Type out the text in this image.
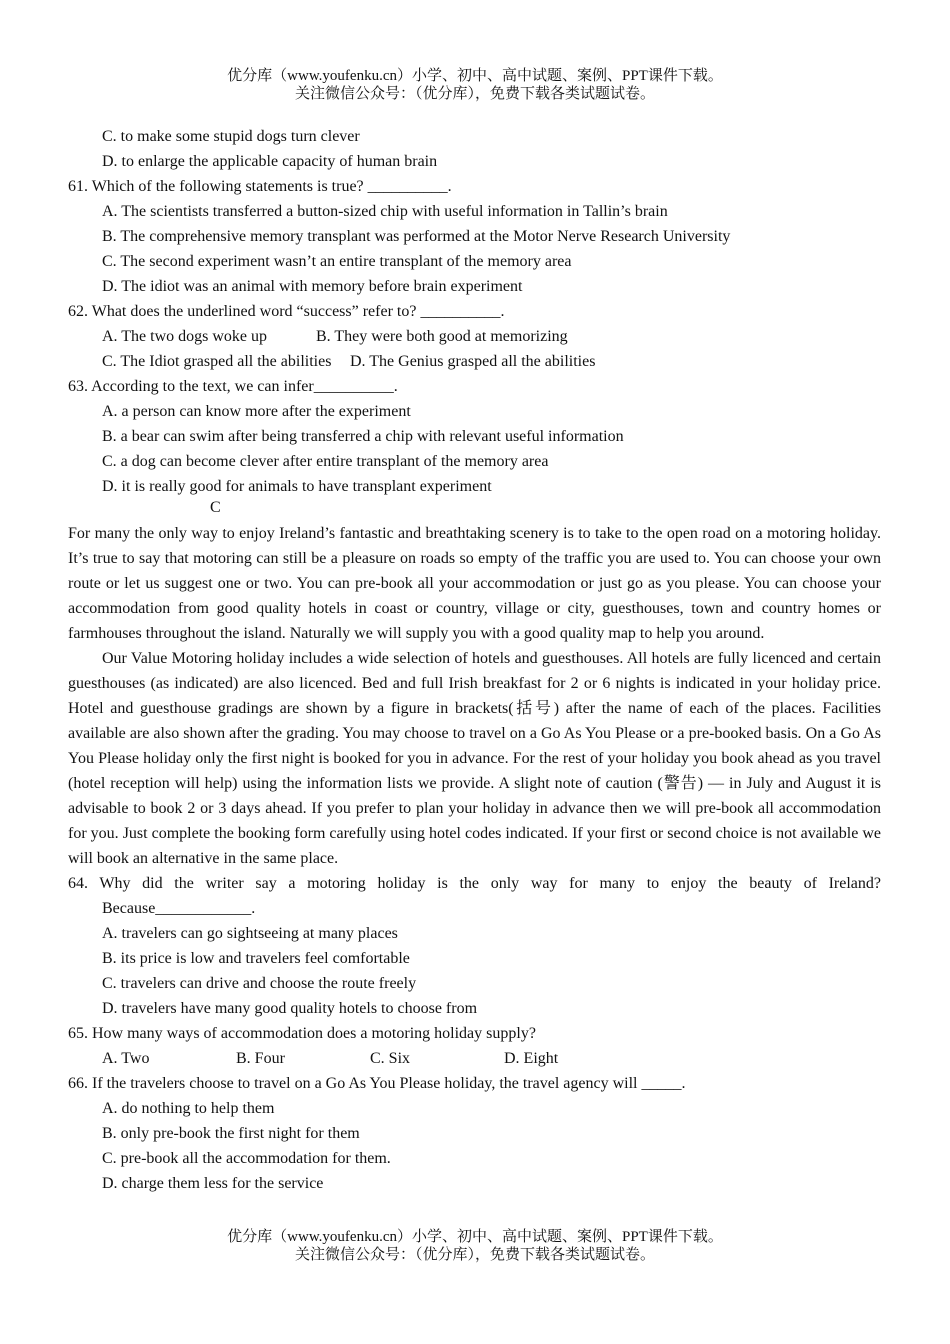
优分库（www.youfenku.cn）小学、初中、高中试题、案例、PPT课件下载。
关注微信公众号：（优分库），免费下载各类试题试卷。
C. to make some stupid dogs turn clever
D. to enlarge the applicable capacity of human brain
61. Which of the following statements is true? __________.
A. The scientists transferred a button-sized chip with useful information in Tallin’s brain
B. The comprehensive memory transplant was performed at the Motor Nerve Research University
C. The second experiment wasn’t an entire transplant of the memory area
D. The idiot was an animal with memory before brain experiment
62. What does the underlined word “success” refer to? __________.
A. The two dogs woke up	B. They were both good at memorizing
C. The Idiot grasped all the abilities	D. The Genius grasped all the abilities
63. According to the text, we can infer__________.
A. a person can know more after the experiment
B. a bear can swim after being transferred a chip with relevant useful information
C. a dog can become clever after entire transplant of the memory area
D. it is really good for animals to have transplant experiment
C
For many the only way to enjoy Ireland’s fantastic and breathtaking scenery is to take to the open road on a motoring holiday. It’s true to say that motoring can still be a pleasure on roads so empty of the traffic you are used to. You can choose your own route or let us suggest one or two. You can pre-book all your accommodation or just go as you please. You can choose your accommodation from good quality hotels in coast or country, village or city, guesthouses, town and country homes or farmhouses throughout the island. Naturally we will supply you with a good quality map to help you around.
Our Value Motoring holiday includes a wide selection of hotels and guesthouses. All hotels are fully licenced and certain guesthouses (as indicated) are also licenced. Bed and full Irish breakfast for 2 or 6 nights is indicated in your holiday price. Hotel and guesthouse gradings are shown by a figure in brackets(括号) after the name of each of the places. Facilities available are also shown after the grading. You may choose to travel on a Go As You Please or a pre-booked basis. On a Go As You Please holiday only the first night is booked for you in advance. For the rest of your holiday you book ahead as you travel (hotel reception will help) using the information lists we provide. A slight note of caution (警告) — in July and August it is advisable to book 2 or 3 days ahead. If you prefer to plan your holiday in advance then we will pre-book all accommodation for you. Just complete the booking form carefully using hotel codes indicated. If your first or second choice is not available we will book an alternative in the same place.
64. Why did the writer say a motoring holiday is the only way for many to enjoy the beauty of Ireland?
Because____________.
A. travelers can go sightseeing at many places
B. its price is low and travelers feel comfortable
C. travelers can drive and choose the route freely
D. travelers have many good quality hotels to choose from
65. How many ways of accommodation does a motoring holiday supply?
A. Two	B. Four	C. Six	D. Eight
66. If the travelers choose to travel on a Go As You Please holiday, the travel agency will _____.
A. do nothing to help them
B. only pre-book the first night for them
C. pre-book all the accommodation for them.
D. charge them less for the service
优分库（www.youfenku.cn）小学、初中、高中试题、案例、PPT课件下载。
关注微信公众号：（优分库），免费下载各类试题试卷。
